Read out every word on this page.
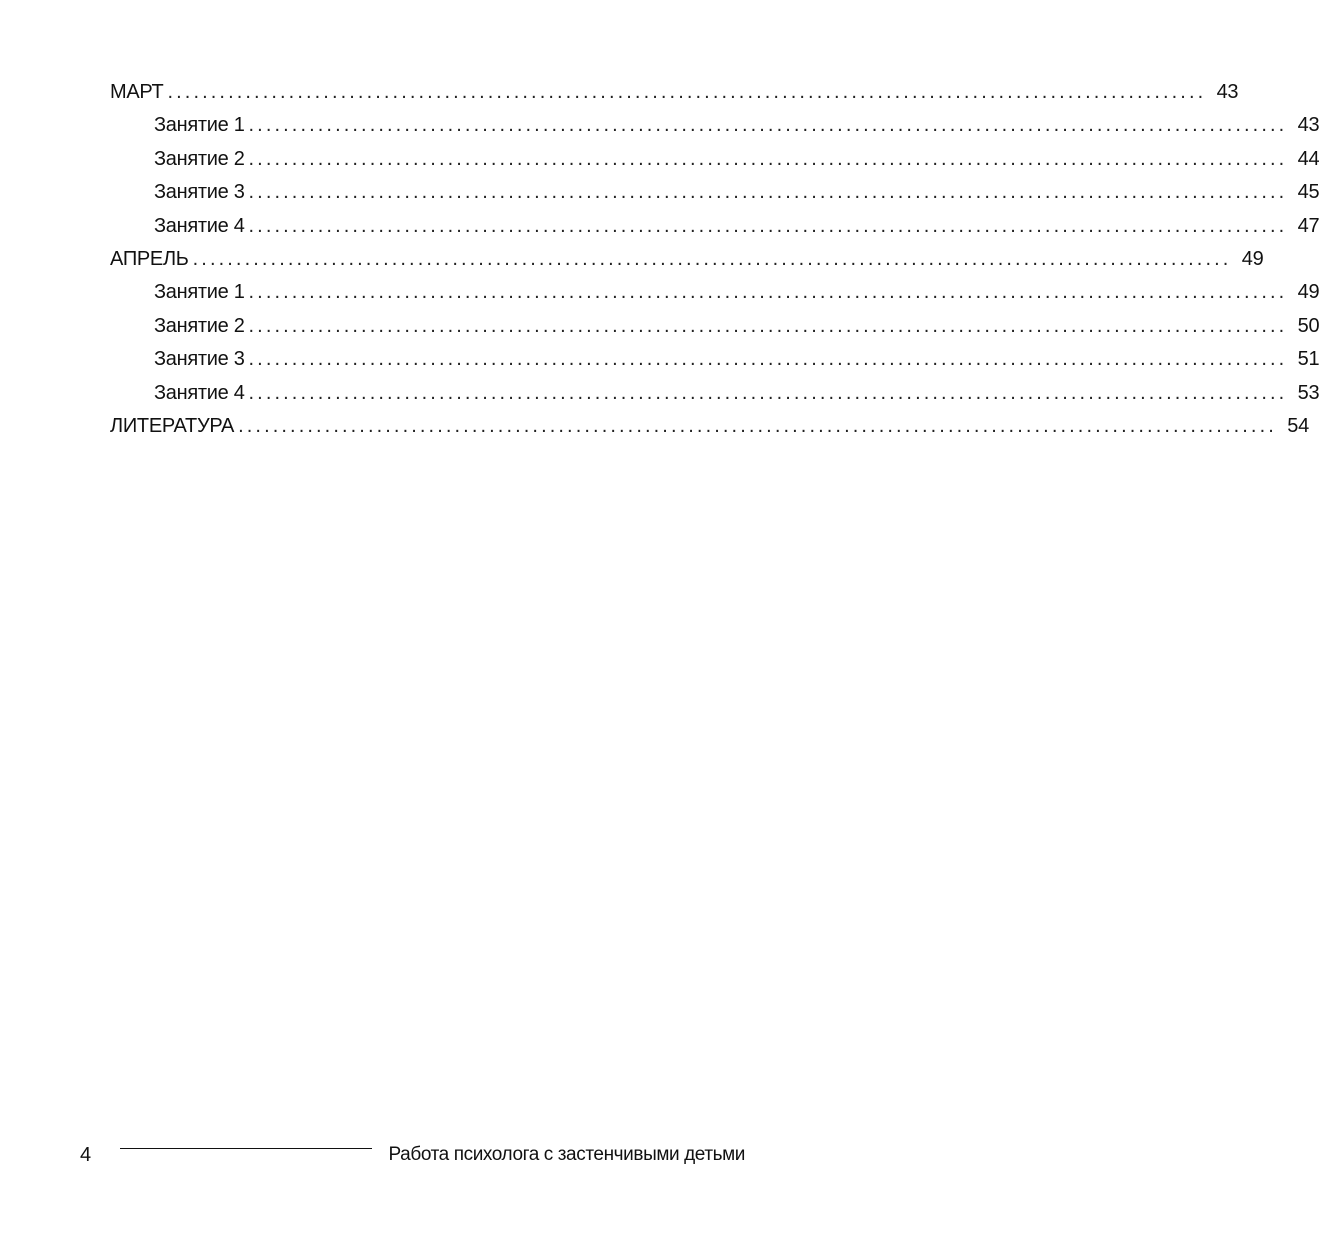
МАРТ ........................................................................................................................ 43
Занятие 1 ........................................................................................................................ 43
Занятие 2 ........................................................................................................................ 44
Занятие 3 ........................................................................................................................ 45
Занятие 4 ........................................................................................................................ 47
АПРЕЛЬ ........................................................................................................................ 49
Занятие 1 ........................................................................................................................ 49
Занятие 2 ........................................................................................................................ 50
Занятие 3 ........................................................................................................................ 51
Занятие 4 ........................................................................................................................ 53
ЛИТЕРАТУРА ........................................................................................................................ 54
4	Работа психолога с застенчивыми детьми
